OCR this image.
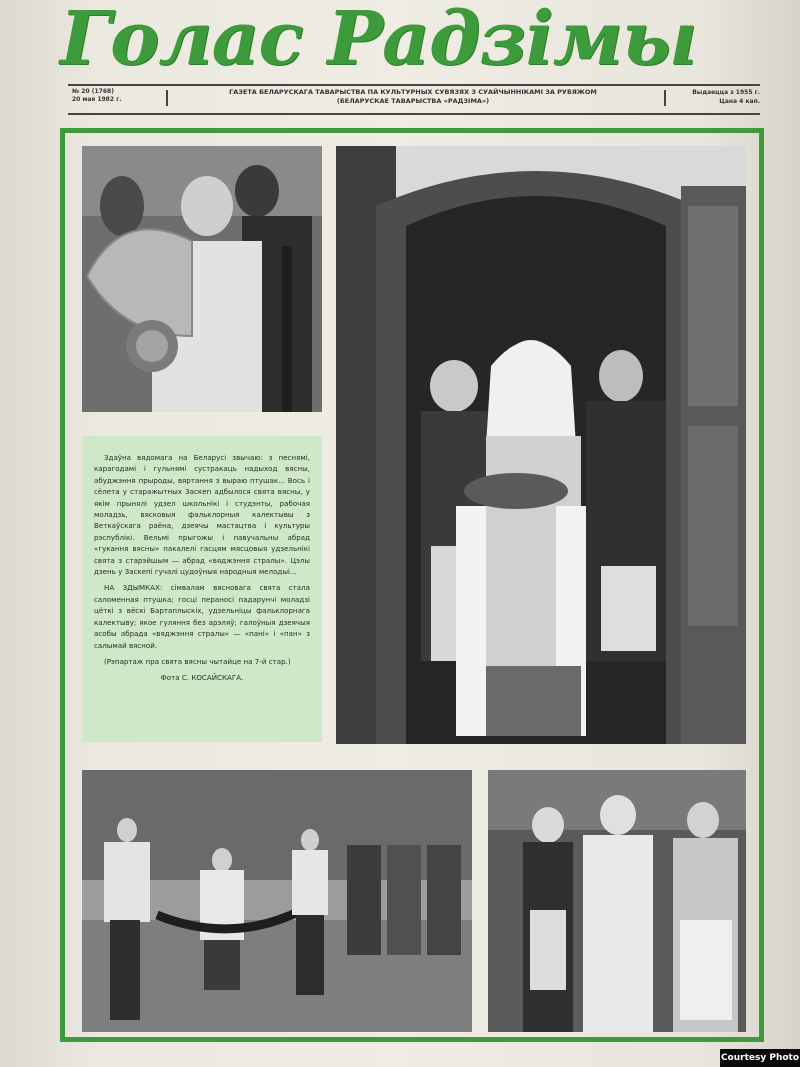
Голас Радзімы
№ 20 (1768)
20 мая 1982 г.
ГАЗЕТА БЕЛАРУСКАГА ТАВАРЫСТВА ПА КУЛЬТУРНЫХ СУВЯЗЯХ З СУАЙЧЫННІКАМІ ЗА РУБЯЖОМ
(БЕЛАРУСКАЕ ТАВАРЫСТВА «РАДЗІМА»)
Выдаецца з 1955 г.
Цана 4 кап.

Здаўна вядомага на Беларусі звычаю: з песнямі, карагодамі і гульнямі сустракаць надыход вясны, абуджэння прыроды, вяртання з выраю птушак... Вось і сёлета у старажытных Заскеп адбылося свята вясны, у якім прынялі удзел школьнікі і студэнты, рабочая моладзь, вясковыя фальклорныя калектывы з Веткаўскага раёна, дзеячы мастацтва і культуры рэспублікі. Вельмі прыгожы і павучальны абрад «гукання вясны» пакалелі гасцям мясцовыя удзельнікі свята з старэйшым — абрад «вяджэння стралы». Цэлы дзень у Заскепі гучалі цудоўныя народныя мелодыі...

НА ЗДЫМКАХ: сімвалам вясновага свята стала саломенная птушка; госці пераносі падарунчі моладзі цёткі з вёскі Бартаплыскіх, удзельніцы фальклорнага калектыву; якое гуляння без арэляў; галоўныя дзеячыя асобы абрада «вяджэння стралы» — «пані» і «пан» з салымай вясной.

(Рэпартаж пра свята вясны чытайце на 7-й стар.)

Фота С. КОСАЙСКАГА.

Courtesy Photo
